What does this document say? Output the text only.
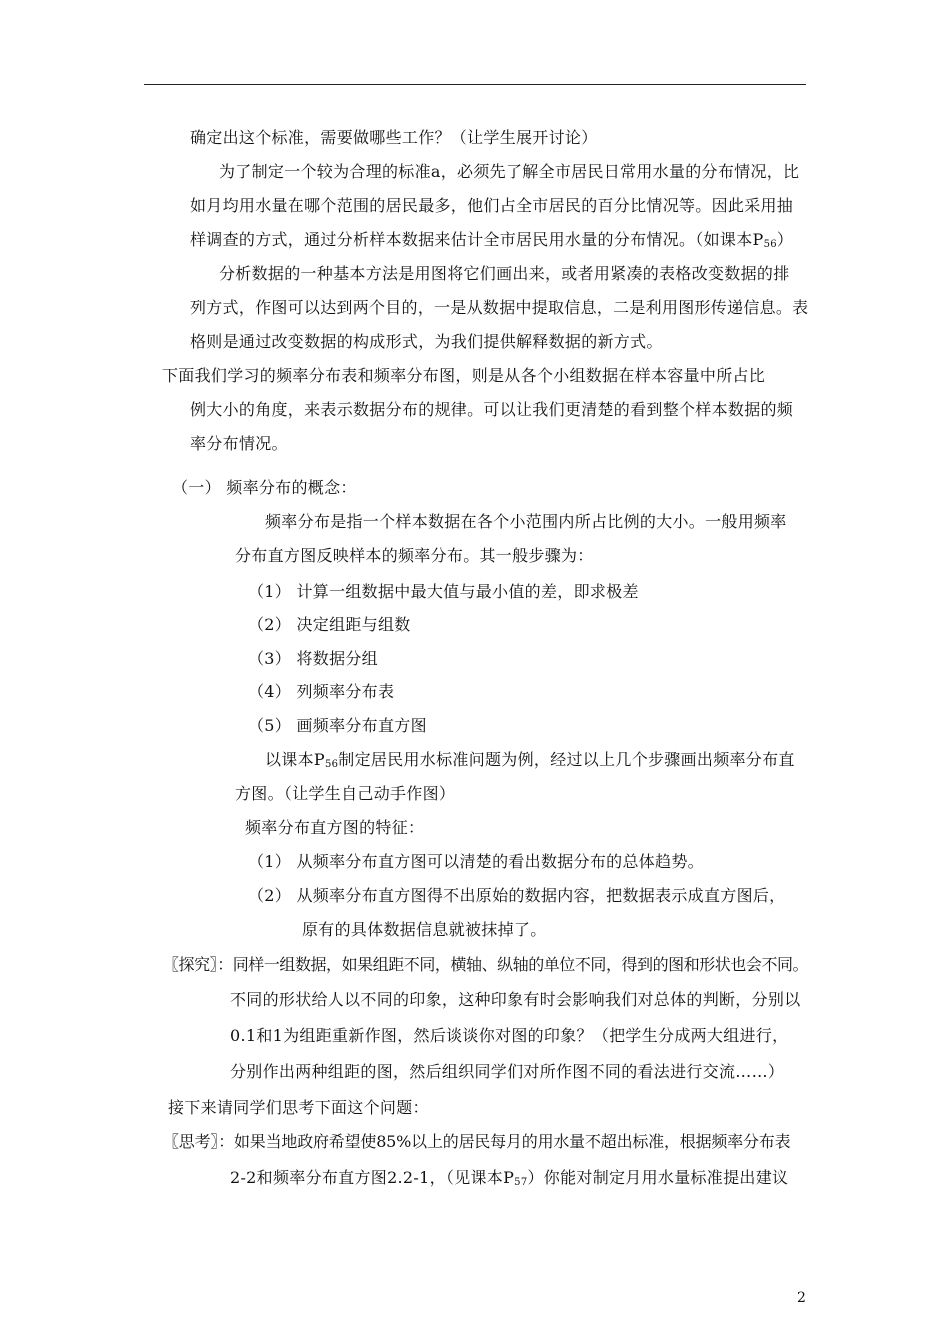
确定出这个标准，需要做哪些工作？（让学生展开讨论）
为了制定一个较为合理的标准a，必须先了解全市居民日常用水量的分布情况，比
如月均用水量在哪个范围的居民最多，他们占全市居民的百分比情况等。因此采用抽
样调查的方式，通过分析样本数据来估计全市居民用水量的分布情况。（如课本$P_{56}$）
分析数据的一种基本方法是用图将它们画出来，或者用紧凑的表格改变数据的排
列方式，作图可以达到两个目的，一是从数据中提取信息，二是利用图形传递信息。表
格则是通过改变数据的构成形式，为我们提供解释数据的新方式。
下面我们学习的频率分布表和频率分布图，则是从各个小组数据在样本容量中所占比
例大小的角度，来表示数据分布的规律。可以让我们更清楚的看到整个样本数据的频
率分布情况。
（一） 频率分布的概念：
频率分布是指一个样本数据在各个小范围内所占比例的大小。一般用频率
分布直方图反映样本的频率分布。其一般步骤为：
（1） 计算一组数据中最大值与最小值的差，即求极差
（2） 决定组距与组数
（3） 将数据分组
（4） 列频率分布表
（5） 画频率分布直方图
以课本$P_{56}$制定居民用水标准问题为例，经过以上几个步骤画出频率分布直
方图。（让学生自己动手作图）
频率分布直方图的特征：
（1） 从频率分布直方图可以清楚的看出数据分布的总体趋势。
（2） 从频率分布直方图得不出原始的数据内容，把数据表示成直方图后，
原有的具体数据信息就被抹掉了。
〖探究〗：同样一组数据，如果组距不同，横轴、纵轴的单位不同，得到的图和形状也会不同。
不同的形状给人以不同的印象，这种印象有时会影响我们对总体的判断，分别以
0.1和1为组距重新作图，然后谈谈你对图的印象？（把学生分成两大组进行，
分别作出两种组距的图，然后组织同学们对所作图不同的看法进行交流……）
接下来请同学们思考下面这个问题：
〖思考〗：如果当地政府希望使85%以上的居民每月的用水量不超出标准，根据频率分布表
2-2和频率分布直方图2.2-1，（见课本$P_{57}$）你能对制定月用水量标准提出建议
2
